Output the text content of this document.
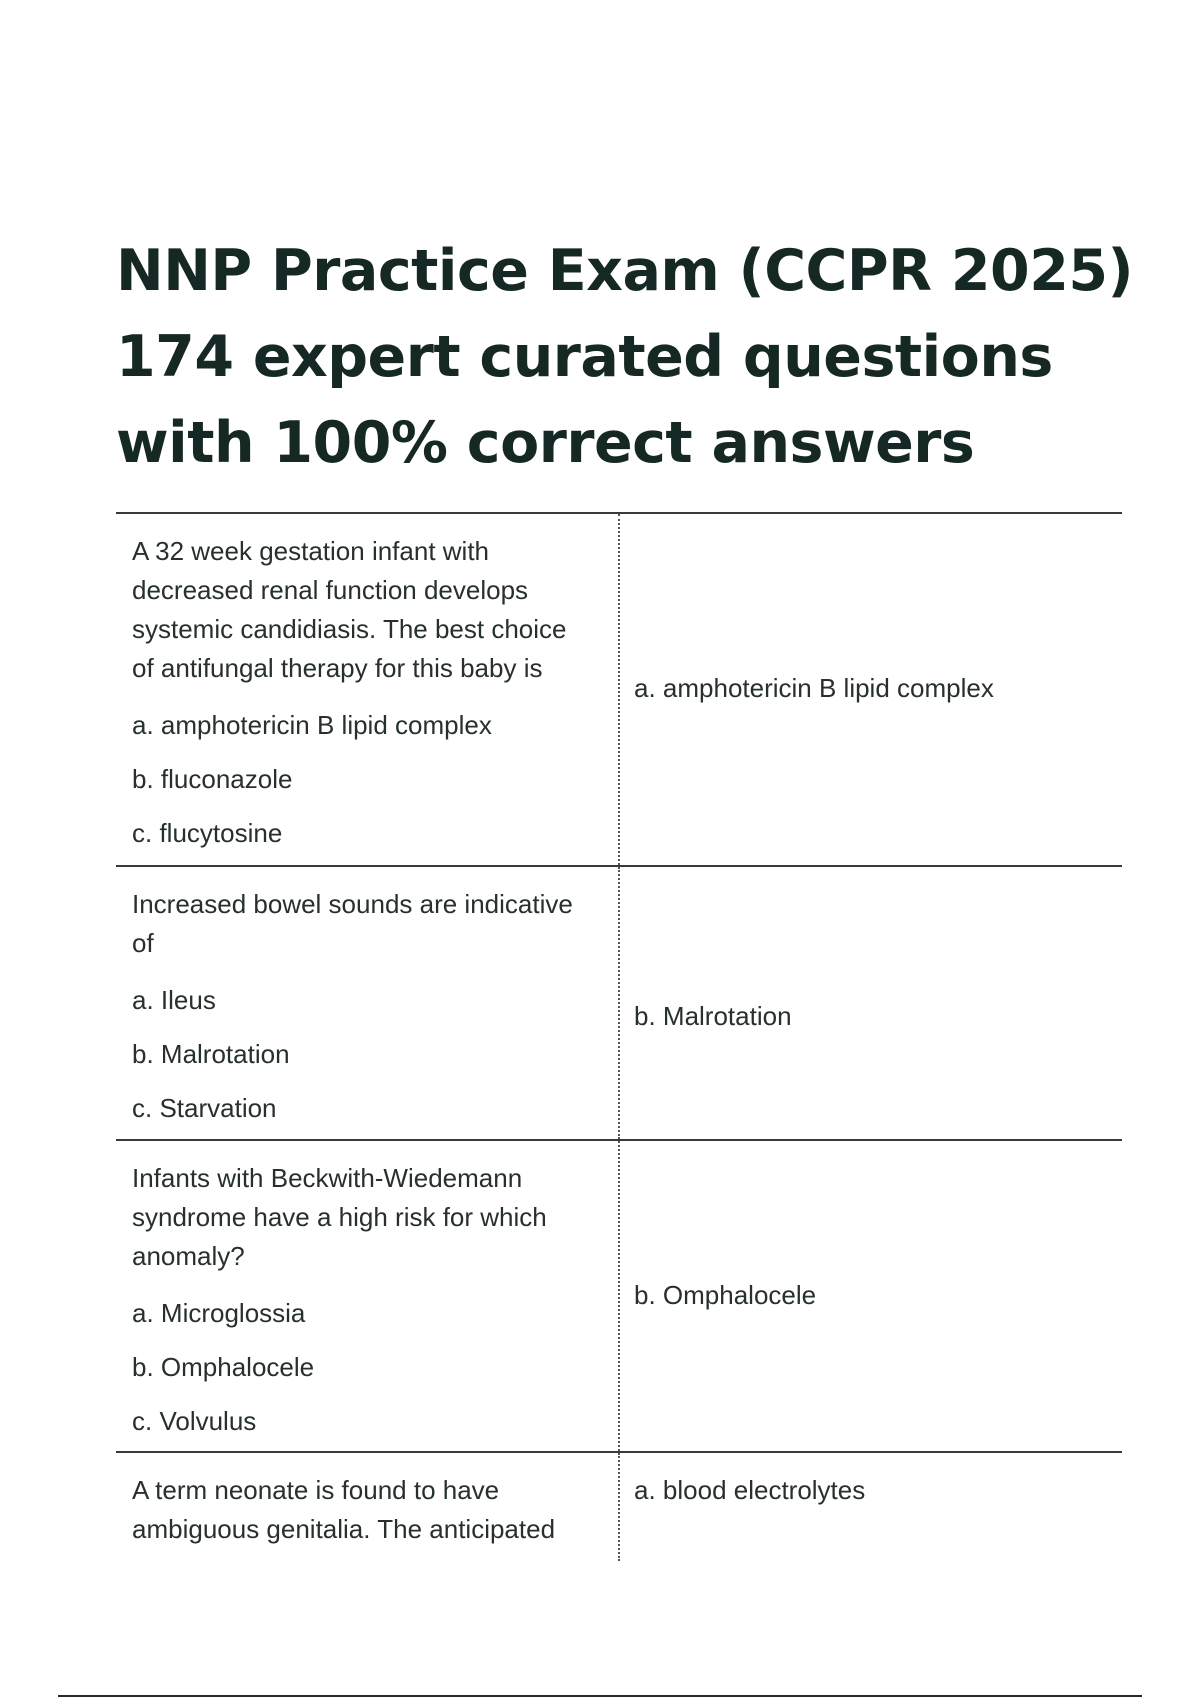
NNP Practice Exam (CCPR 2025)
174 expert curated questions
with 100% correct answers
A 32 week gestation infant with decreased renal function develops systemic candidiasis. The best choice of antifungal therapy for this baby is
a. amphotericin B lipid complex
b. fluconazole
c. flucytosine
a. amphotericin B lipid complex
Increased bowel sounds are indicative of
a. Ileus
b. Malrotation
c. Starvation
b. Malrotation
Infants with Beckwith-Wiedemann syndrome have a high risk for which anomaly?
a. Microglossia
b. Omphalocele
c. Volvulus
b. Omphalocele
A term neonate is found to have ambiguous genitalia. The anticipated
a. blood electrolytes
